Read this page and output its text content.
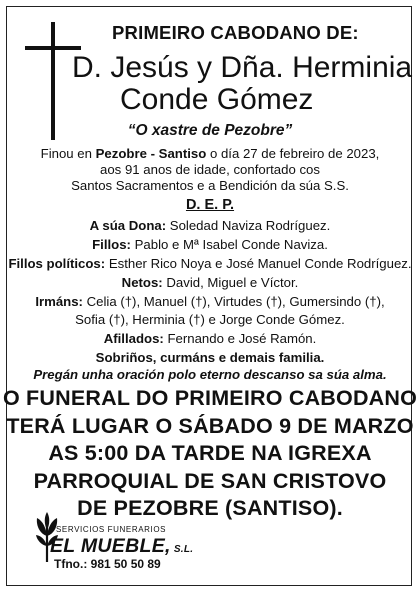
PRIMEIRO CABODANO DE:
D. Jesús y Dña. Herminia
Conde Gómez
“O xastre de Pezobre”
Finou en Pezobre - Santiso o día 27 de febreiro de 2023,
aos 91 anos de idade, confortado cos
Santos Sacramentos e a Bendición da súa S.S.
D. E. P.
A súa Dona: Soledad Naviza Rodríguez.
Fillos: Pablo e Mª Isabel Conde Naviza.
Fillos políticos: Esther Rico Noya e José Manuel Conde Rodríguez.
Netos: David, Miguel e Víctor.
Irmáns: Celia (†), Manuel (†), Virtudes (†), Gumersindo (†),
Sofia (†), Herminia (†) e Jorge Conde Gómez.
Afillados: Fernando e José Ramón.
Sobriños, curmáns e demais familia.
Pregán unha oración polo eterno descanso sa súa alma.
O FUNERAL DO PRIMEIRO CABODANO
TERÁ LUGAR O SÁBADO 9 DE MARZO
AS 5:00 DA TARDE NA IGREXA
PARROQUIAL DE SAN CRISTOVO
DE PEZOBRE (SANTISO).
SERVICIOS FUNERARIOS
EL MUEBLE, S.L.
Tfno.: 981 50 50 89
